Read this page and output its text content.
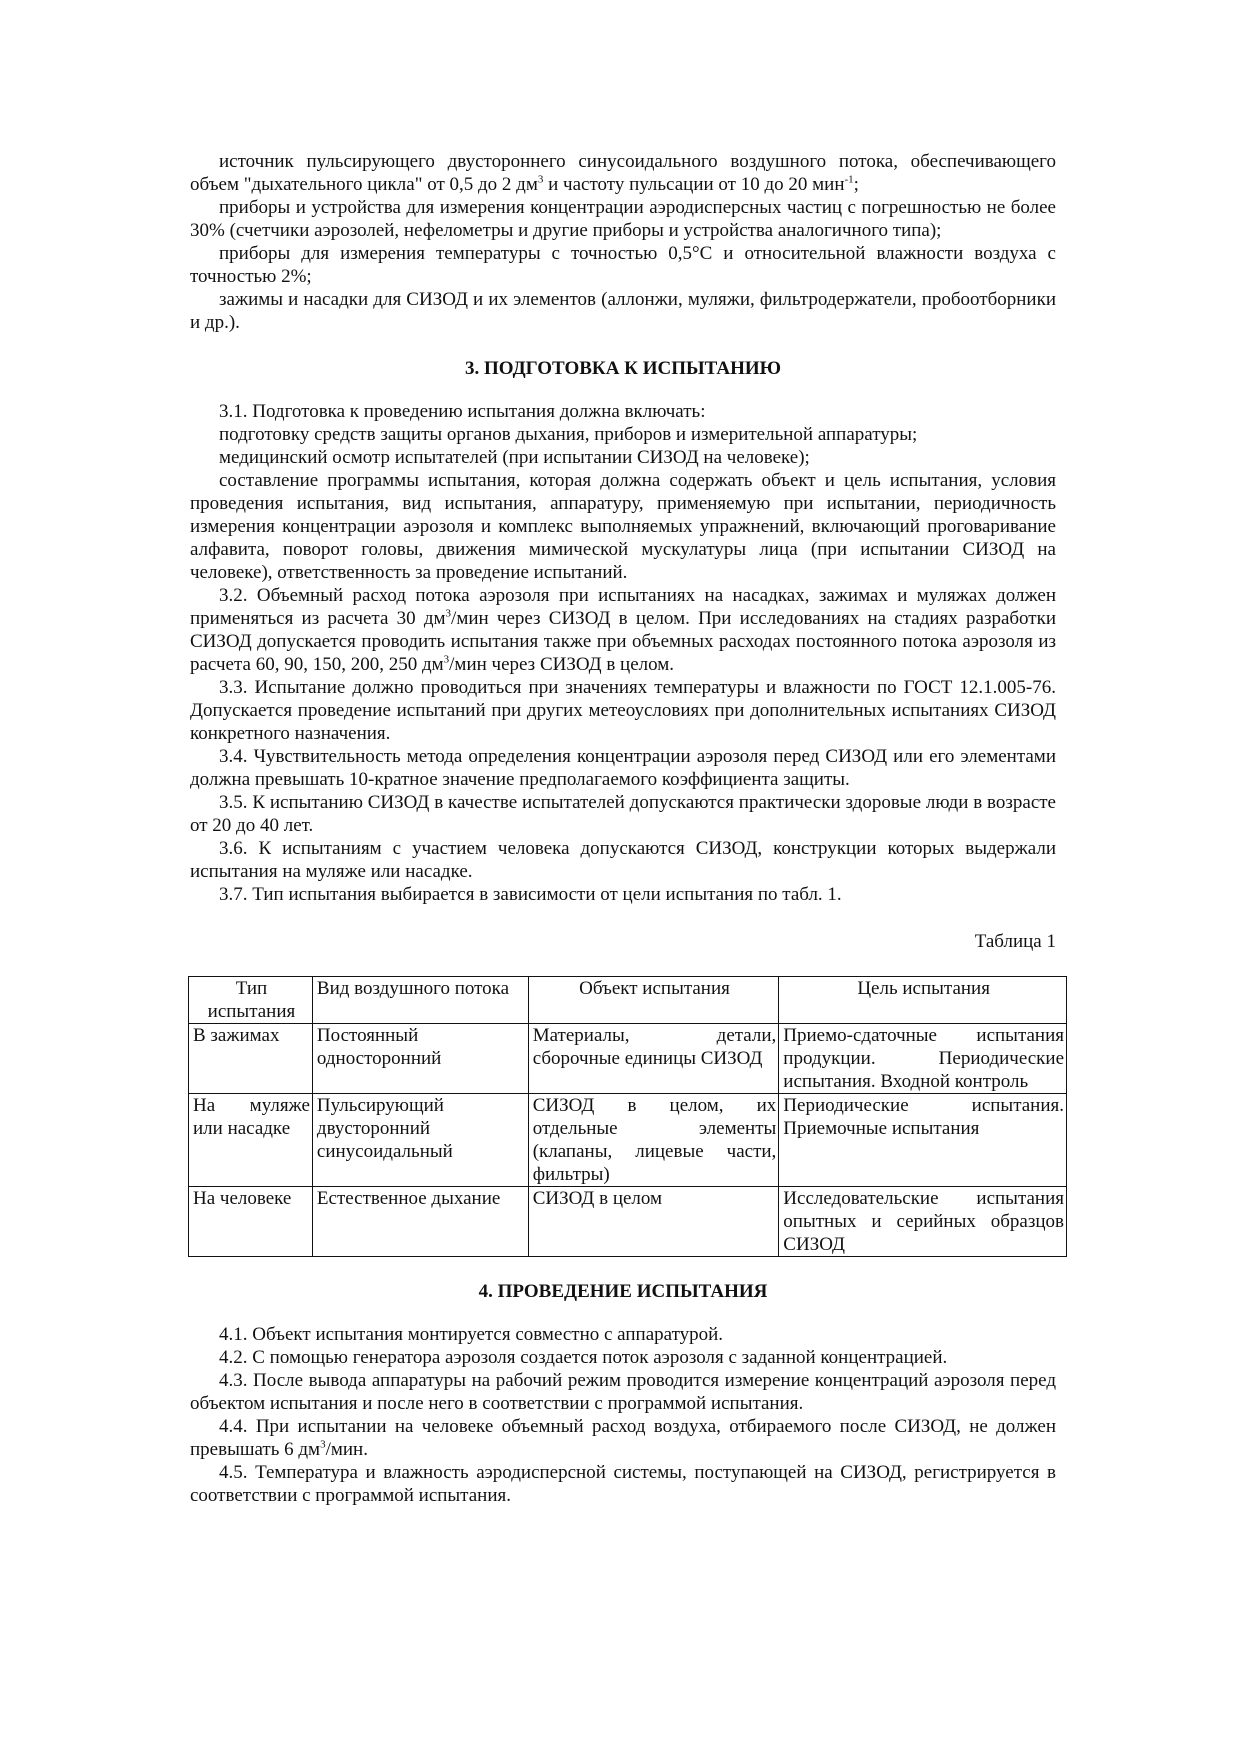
источник пульсирующего двустороннего синусоидального воздушного потока, обеспечивающего объем "дыхательного цикла" от 0,5 до 2 $дм^3$ и частоту пульсации от 10 до 20 мин$^{-1}$;

приборы и устройства для измерения концентрации аэродисперсных частиц с погрешностью не более 30% (счетчики аэрозолей, нефелометры и другие приборы и устройства аналогичного типа);

приборы для измерения температуры с точностью 0,5°С и относительной влажности воздуха с точностью 2%;

зажимы и насадки для СИЗОД и их элементов (аллонжи, муляжи, фильтродержатели, пробоотборники и др.).

3. ПОДГОТОВКА К ИСПЫТАНИЮ

3.1. Подготовка к проведению испытания должна включать:

подготовку средств защиты органов дыхания, приборов и измерительной аппаратуры;

медицинский осмотр испытателей (при испытании СИЗОД на человеке);

составление программы испытания, которая должна содержать объект и цель испытания, условия проведения испытания, вид испытания, аппаратуру, применяемую при испытании, периодичность измерения концентрации аэрозоля и комплекс выполняемых упражнений, включающий проговаривание алфавита, поворот головы, движения мимической мускулатуры лица (при испытании СИЗОД на человеке), ответственность за проведение испытаний.

3.2. Объемный расход потока аэрозоля при испытаниях на насадках, зажимах и муляжах должен применяться из расчета 30 $дм^3$/мин через СИЗОД в целом. При исследованиях на стадиях разработки СИЗОД допускается проводить испытания также при объемных расходах постоянного потока аэрозоля из расчета 60, 90, 150, 200, 250 $дм^3$/мин через СИЗОД в целом.

3.3. Испытание должно проводиться при значениях температуры и влажности по ГОСТ 12.1.005-76. Допускается проведение испытаний при других метеоусловиях при дополнительных испытаниях СИЗОД конкретного назначения.

3.4. Чувствительность метода определения концентрации аэрозоля перед СИЗОД или его элементами должна превышать 10-кратное значение предполагаемого коэффициента защиты.

3.5. К испытанию СИЗОД в качестве испытателей допускаются практически здоровые люди в возрасте от 20 до 40 лет.

3.6. К испытаниям с участием человека допускаются СИЗОД, конструкции которых выдержали испытания на муляже или насадке.

3.7. Тип испытания выбирается в зависимости от цели испытания по табл. 1.

Таблица 1
Тип испытания	Вид воздушного потока	Объект испытания	Цель испытания
В зажимах	Постоянный односторонний	Материалы, детали, сборочные единицы СИЗОД	Приемо-сдаточные испытания продукции. Периодические испытания. Входной контроль
На муляже или насадке	Пульсирующий двусторонний синусоидальный	СИЗОД в целом, их отдельные элементы (клапаны, лицевые части, фильтры)	Периодические испытания. Приемочные испытания
На человеке	Естественное дыхание	СИЗОД в целом	Исследовательские испытания опытных и серийных образцов СИЗОД
4. ПРОВЕДЕНИЕ ИСПЫТАНИЯ

4.1. Объект испытания монтируется совместно с аппаратурой.

4.2. С помощью генератора аэрозоля создается поток аэрозоля с заданной концентрацией.

4.3. После вывода аппаратуры на рабочий режим проводится измерение концентраций аэрозоля перед объектом испытания и после него в соответствии с программой испытания.

4.4. При испытании на человеке объемный расход воздуха, отбираемого после СИЗОД, не должен превышать 6 $дм^3$/мин.

4.5. Температура и влажность аэродисперсной системы, поступающей на СИЗОД, регистрируется в соответствии с программой испытания.
